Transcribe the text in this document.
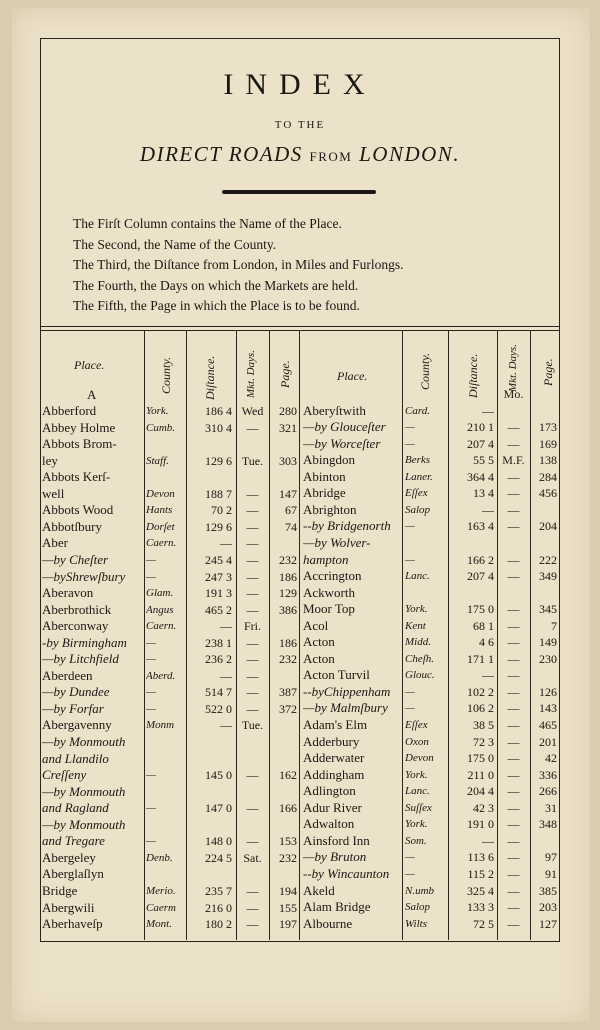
INDEX
TO THE
DIRECT ROADS FROM LONDON.
The Firſt Column contains the Name of the Place.
The Second, the Name of the County.
The Third, the Diſtance from London, in Miles and Furlongs.
The Fourth, the Days on which the Markets are held.
The Fifth, the Page in which the Place is to be found.
Place.	County.	Diſtance.	Mkt. Days. Page.
A
Place.	County.	Diſtance. Mkt. Days. Page.
Abberford	York.	186 4 Wed	280
Abbey Holme	Cumb.	310 4	—	321
Abbots Brom-
ley	Staff.	129 6 Tue.	303
Abbots Kerſ-
well	Devon	188 7	—	147
Abbots Wood	Hants	70 2	—	67
Abbotſbury	Dorſet	129 6	—	74
Aber	Caern.	—	—
—by Cheſter	—	245 4	—	232
—byShrewſbury	—	247 3	—	186
Aberavon	Glam.	191 3	—	129
Aberbrothick	Angus	465 2	—	386
Aberconway	Caern.	— Fri.
-by Birmingham	—	238 1	—	186
—by Litchfield	—	236 2	—	232
Aberdeen	Aberd.	—	—
—by Dundee	—	514 7	—	387
—by Forfar	—	522 0	—	372
Abergavenny	Monm	— Tue.
—by Monmouth
and Llandilo
Creſſeny	—	145 0	—	162
—by Monmouth
and Ragland	—	147 0	—	166
—by Monmouth
and Tregare	—	148 0	—	153
Abergeley	Denb.	224 5 Sat.	232
Aberglaſlyn
Bridge	Merio.	235 7	—	194
Abergwili	Caerm	216 0	—	155
Aberhaveſp	Mont.	180 2	—	197
Mo.
Aberyſtwith	Card.	—
—by Glouceſter	—	210 1	—	173
—by Worceſter	—	207 4	—	169
Abingdon	Berks	55 5 M.F.	138
Abinton	Laner.	364 4	—	284
Abridge	Eſſex	13 4	—	456
Abrighton	Salop	—	—
--by Bridgenorth	—	163 4	—	204
—by Wolver-
hampton	—	166 2	—	222
Accrington	Lanc.	207 4	—	349
Ackworth
Moor Top	York.	175 0	—	345
Acol	Kent	68 1	—	7
Acton	Midd.	4 6	—	149
Acton	Cheſh.	171 1	—	230
Acton Turvil	Glouc.	—	—
--byChippenham	—	102 2	—	126
—by Malmſbury	—	106 2	—	143
Adam's Elm	Eſſex	38 5	—	465
Adderbury	Oxon	72 3	—	201
Adderwater	Devon	175 0	—	42
Addingham	York.	211 0	—	336
Adlington	Lanc.	204 4	—	266
Adur River	Suſſex	42 3	—	31
Adwalton	York.	191 0	—	348
Ainsford Inn	Som.	—	—
—by Bruton	—	113 6	—	97
--by Wincaunton	—	115 2	—	91
Akeld	N.umb	325 4	—	385
Alam Bridge	Salop	133 3	—	203
Albourne	Wilts	72 5	—	127
